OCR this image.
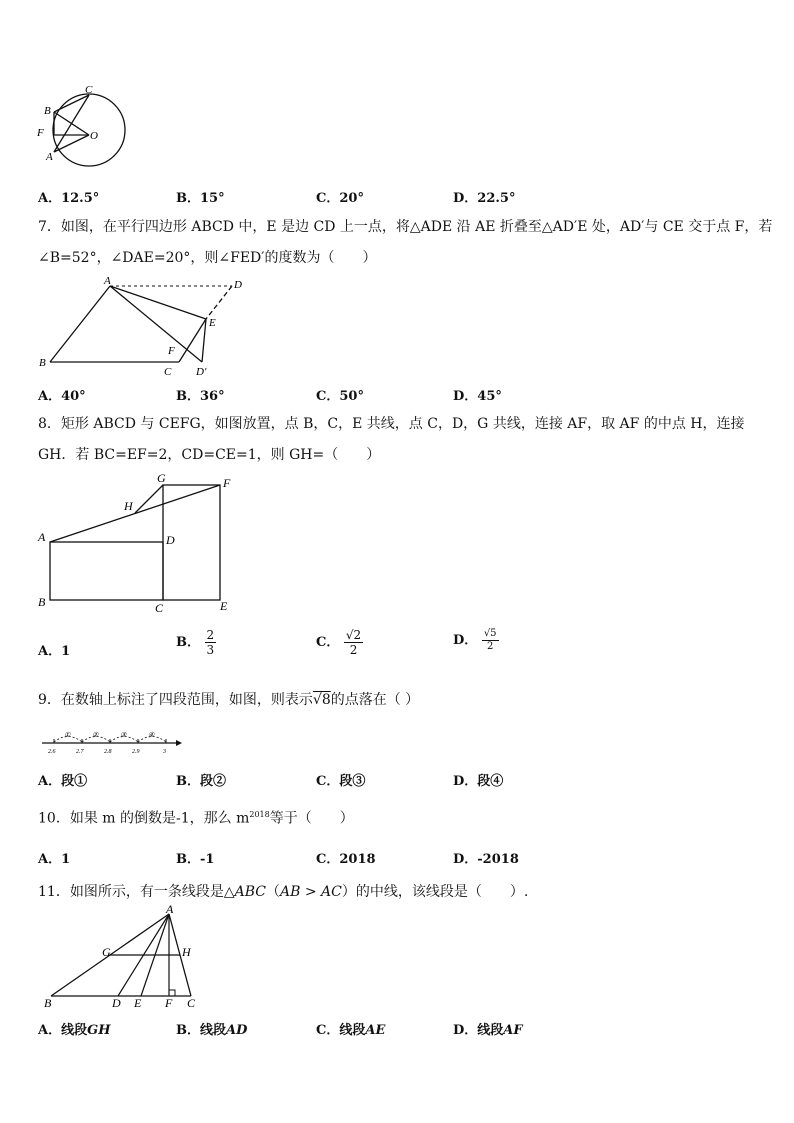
C
B
F
A
O
A．12.5°	B．15°	C．20°	D．22.5°
7．如图，在平行四边形 ABCD 中，E 是边 CD 上一点，将△ADE 沿 AE 折叠至△AD′E 处，AD′与 CE 交于点 F，若
∠B=52°，∠DAE=20°，则∠FED′的度数为（　　）
A	D
E
B
C
F
D′
A．40°	B．36°	C．50°	D．45°
8．矩形 ABCD 与 CEFG，如图放置，点 B，C，E 共线，点 C，D，G 共线，连接 AF，取 AF 的中点 H，连接
GH．若 BC=EF=2，CD=CE=1，则 GH=（　　）
G	F
H
A	D
B	C	E
A．1
B． $\frac{2}{3}$	C． $\frac{√2}{2}$	D． $\frac{√5}{2}$
9．在数轴上标注了四段范围，如图，则表示√8的点落在（ ）
①	②	③	④
2.6	2.7	2.8	2.9	3
A．段①	B．段②	C．段③	D．段④
10．如果 m 的倒数是-1，那么 $m^{2018}$等于（　　）
A．1	B．-1	C．2018	D．-2018
11．如图所示，有一条线段是△ABC（AB > AC）的中线，该线段是（　　）.
A
G	H
B	D E F C
A．线段GH	B．线段AD	C．线段AE	D．线段AF
